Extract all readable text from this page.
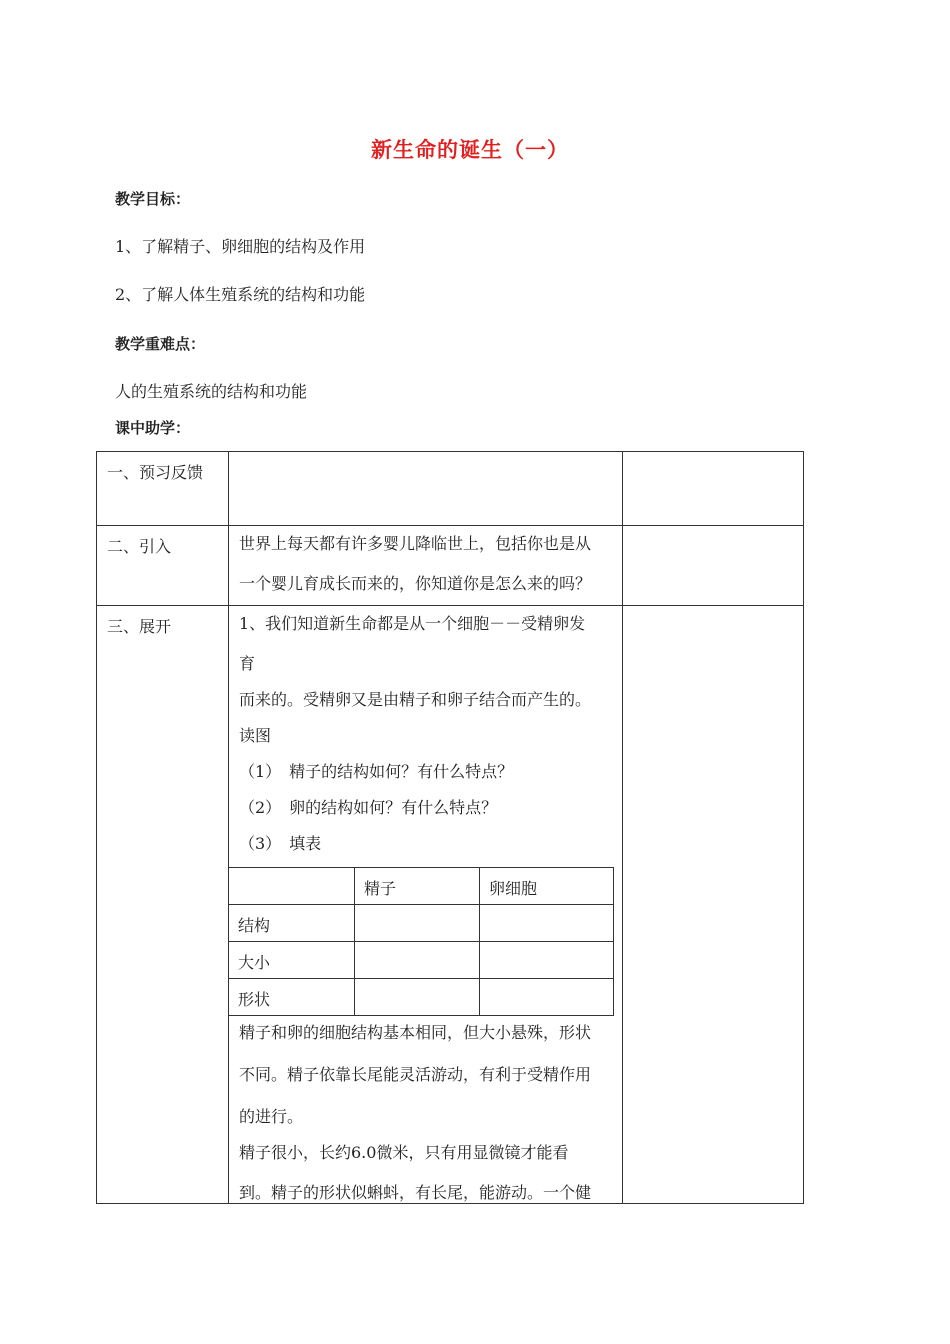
新生命的诞生（一）
教学目标：
1、了解精子、卵细胞的结构及作用
2、了解人体生殖系统的结构和功能
教学重难点：
人的生殖系统的结构和功能
课中助学：
一、预习反馈		
二、引入	世界上每天都有许多婴儿降临世上，包括你也是从
一个婴儿育成长而来的，你知道你是怎么来的吗？

三、展开	1、我们知道新生命都是从一个细胞－－受精卵发
育
而来的。受精卵又是由精子和卵子结合而产生的。
读图
（1）　精子的结构如何？有什么特点？
（2）　卵的结构如何？有什么特点？
（3）　填表
	精子	卵细胞
结构		
大小		
形状		
精子和卵的细胞结构基本相同，但大小悬殊，形状
不同。精子依靠长尾能灵活游动，有利于受精作用
的进行。
精子很小，长约6.0微米，只有用显微镜才能看
到。精子的形状似蝌蚪，有长尾，能游动。一个健
